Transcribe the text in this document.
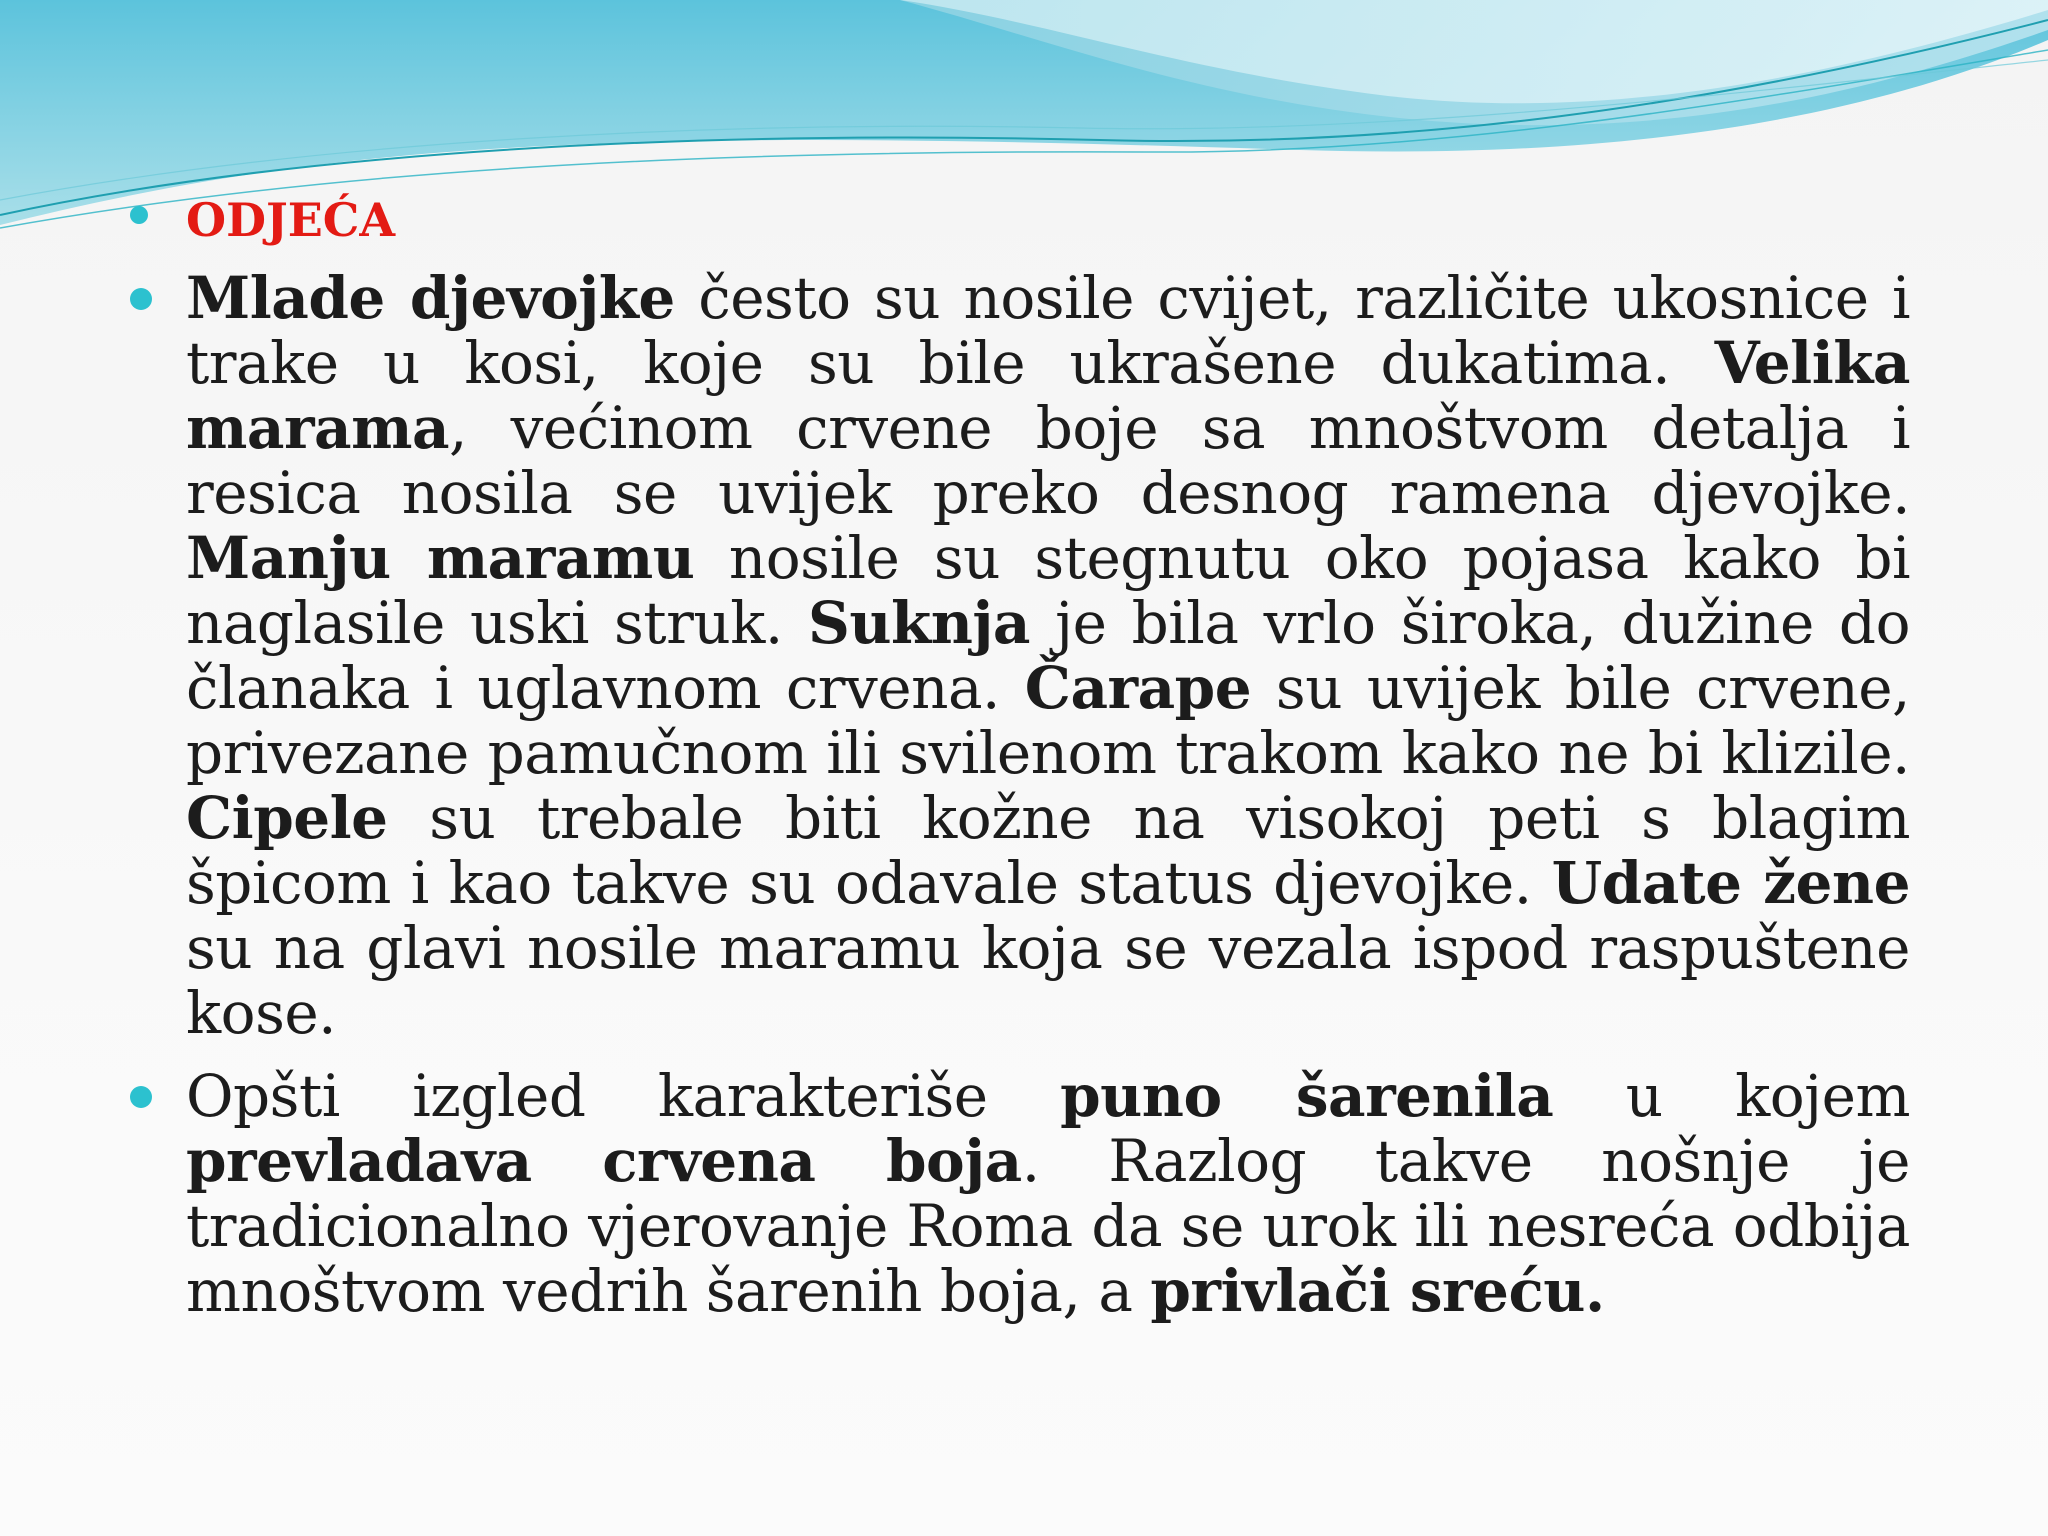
ODJEĆA
Mlade djevojke često su nosile cvijet, različite ukosnice i trake u kosi, koje su bile ukrašene dukatima. Velika marama, većinom crvene boje sa mnoštvom detalja i resica nosila se uvijek preko desnog ramena djevojke. Manju maramu nosile su stegnutu oko pojasa kako bi naglasile uski struk. Suknja je bila vrlo široka, dužine do članaka i uglavnom crvena. Čarape su uvijek bile crvene, privezane pamučnom ili svilenom trakom kako ne bi klizile. Cipele su trebale biti kožne na visokoj peti s blagim špicom i kao takve su odavale status djevojke. Udate žene su na glavi nosile maramu koja se vezala ispod raspuštene kose.
Opšti izgled karakteriše puno šarenila u kojem prevladava crvena boja. Razlog takve nošnje je tradicionalno vjerovanje Roma da se urok ili nesreća odbija mnoštvom vedrih šarenih boja, a privlači sreću.
